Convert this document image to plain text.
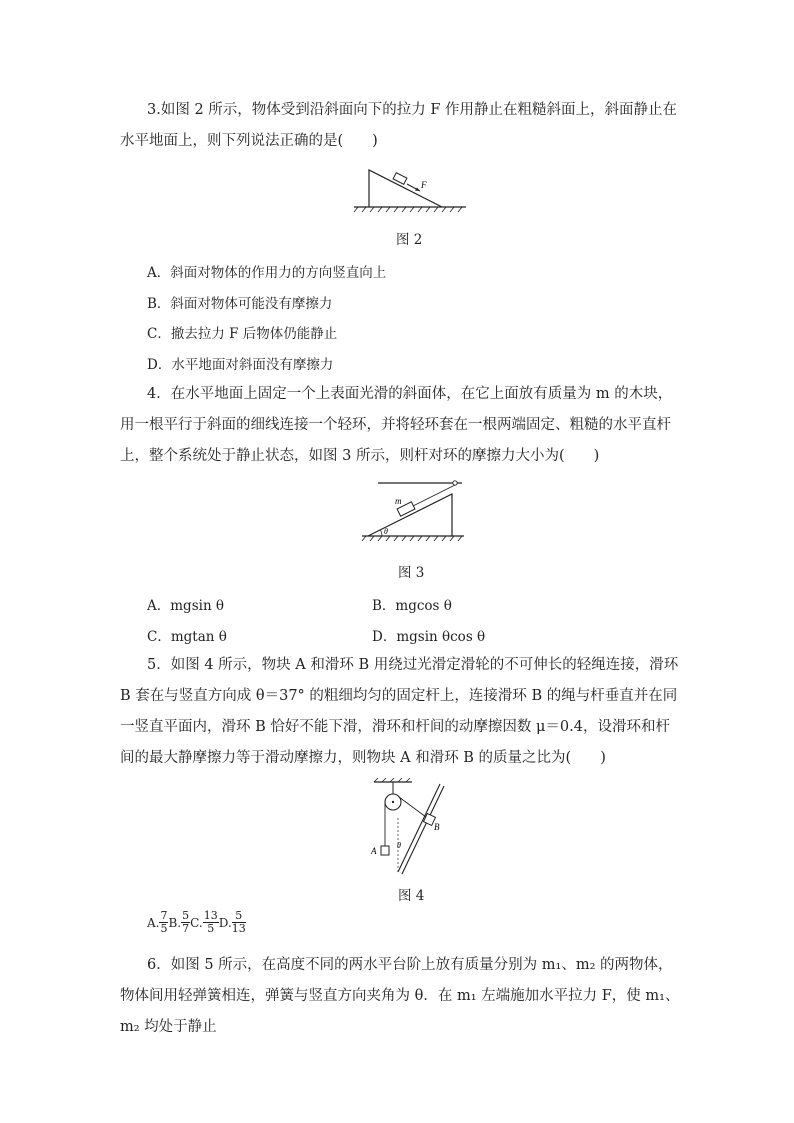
3.如图 2 所示，物体受到沿斜面向下的拉力 F 作用静止在粗糙斜面上，斜面静止在水平地面上，则下列说法正确的是(　　)
F
图 2
A．斜面对物体的作用力的方向竖直向上
B．斜面对物体可能没有摩擦力
C．撤去拉力 F 后物体仍能静止
D．水平地面对斜面没有摩擦力
4．在水平地面上固定一个上表面光滑的斜面体，在它上面放有质量为 m 的木块，用一根平行于斜面的细线连接一个轻环，并将轻环套在一根两端固定、粗糙的水平直杆上，整个系统处于静止状态，如图 3 所示，则杆对环的摩擦力大小为(　　)
m
θ
图 3
A．mgsin θ	B．mgcos θ
C．mgtan θ	D．mgsin θcos θ
5．如图 4 所示，物块 A 和滑环 B 用绕过光滑定滑轮的不可伸长的轻绳连接，滑环 B 套在与竖直方向成 θ＝37° 的粗细均匀的固定杆上，连接滑环 B 的绳与杆垂直并在同一竖直平面内，滑环 B 恰好不能下滑，滑环和杆间的动摩擦因数 μ＝0.4，设滑环和杆间的最大静摩擦力等于滑动摩擦力，则物块 A 和滑环 B 的质量之比为(　　)
A
B
θ
图 4
A. $\frac{7}{5} B$. $\frac{5}{7} C$. $\frac{13}{5} D$. $\frac{5}{13}$
6．如图 5 所示，在高度不同的两水平台阶上放有质量分别为 m₁、m₂ 的两物体，物体间用轻弹簧相连，弹簧与竖直方向夹角为 θ．在 m₁ 左端施加水平拉力 F，使 m₁、m₂ 均处于静止
